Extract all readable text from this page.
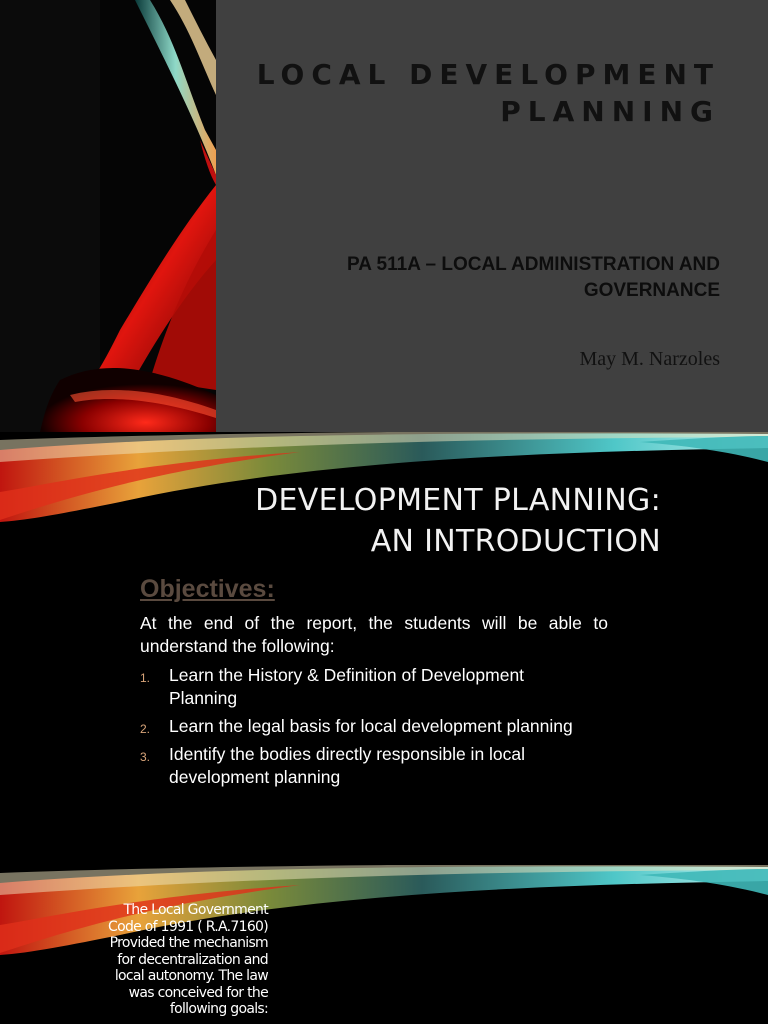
LOCAL DEVELOPMENT
PLANNING
PA 511A – LOCAL ADMINISTRATION AND
GOVERNANCE

May M. Narzoles

DEVELOPMENT PLANNING:
AN INTRODUCTION
Objectives:

At the end of the report, the students will be able to understand the following:

1. Learn the History & Definition of Development Planning
2. Learn the legal basis for local development planning
3. Identify the bodies directly responsible in local development planning

The Local Government
Code of 1991 ( R.A.7160)
Provided the mechanism
for decentralization and
local autonomy. The law
was conceived for the
following goals:
